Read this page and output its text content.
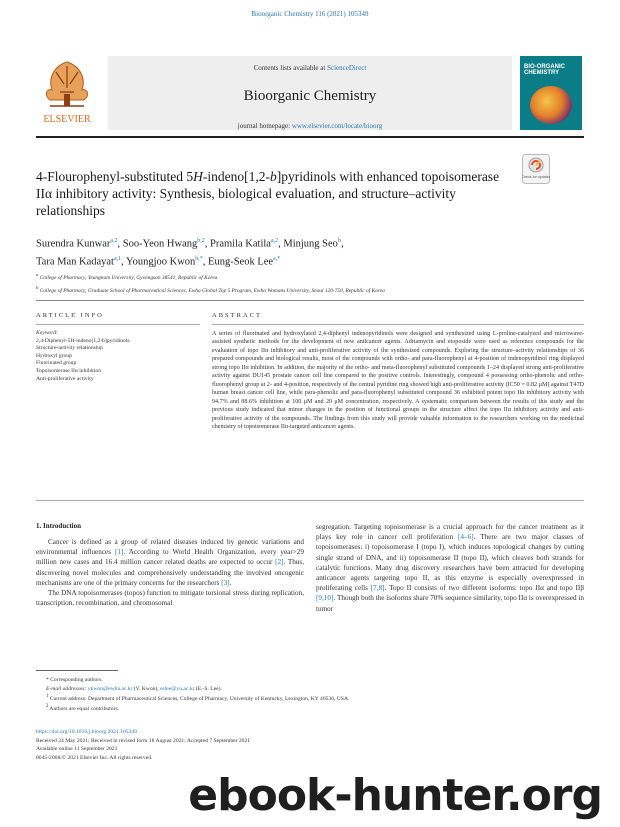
Bioorganic Chemistry 116 (2021) 105349
ELSEVIER
Contents lists available at ScienceDirect
Bioorganic Chemistry
journal homepage: www.elsevier.com/locate/bioorg
BIO-ORGANIC CHEMISTRY
Check for updates
4-Flourophenyl-substituted 5H-indeno[1,2-b]pyridinols with enhanced topoisomerase IIα inhibitory activity: Synthesis, biological evaluation, and structure–activity relationships
Surendra Kunwar$^{a,2}$, Soo-Yeon Hwang$^{b,2}$, Pramila Katila$^{a,2}$, Minjung Seo$^b$,
Tara Man Kadayat$^{a,1}$, Youngjoo Kwon$^{b,*}$, Eung-Seok Lee$^{a,*}$
$^a$ College of Pharmacy, Yeungnam University, Gyeongsan 38541, Republic of Korea
$^b$ College of Pharmacy, Graduate School of Pharmaceutical Sciences, Ewha Global Top 5 Program, Ewha Womans University, Seoul 120-750, Republic of Korea
ARTICLE INFO	ABSTRACT
Keyword:
2,4-Diphenyl-5H-indeno[1,2-b]pyridinols
Structure-activity relationship
Hydroxyl group
Fluorinated group
Topoisomerase IIα inhibition
Anti-proliferative activity
A series of fluorinated and hydroxylated 2,4-diphenyl indenopyridinols were designed and synthesized using L-proline-catalyzed and microwave-assisted synthetic methods for the development of new anticancer agents. Adriamycin and etoposide were used as reference compounds for the evaluation of topo IIα inhibitory and anti-proliferative activity of the synthesized compounds. Exploring the structure–activity relationships of 36 prepared compounds and biological results, most of the compounds with ortho- and para-fluorophenyl at 4-position of indenopyridinol ring displayed strong topo IIα inhibition. In addition, the majority of the ortho- and meta-fluorophenyl substituted compounds 1–24 displayed strong anti-proliferative activity against DU145 prostate cancer cell line compared to the positive controls. Interestingly, compound 4 possessing ortho-phenolic and ortho-fluorophenyl group at 2- and 4-position, respectively of the central pyridine ring showed high anti-proliferative activity (IC50 = 0.82 μM) against T47D human breast cancer cell line, while para-phenolic and para-fluorophenyl substituted compound 36 exhibited potent topo IIα inhibitory activity with 94.7% and 88.6% inhibition at 100 μM and 20 μM concentration, respectively. A systematic comparison between the results of this study and the previous study indicated that minor changes in the position of functional groups in the structure affect the topo IIα inhibitory activity and anti-proliferative activity of the compounds. The findings from this study will provide valuable information to the researchers working on the medicinal chemistry of topoisomerase IIα-targeted anticancer agents.
1. Introduction

Cancer is defined as a group of related diseases induced by genetic variations and environmental influences [1]. According to World Health Organization, every year>29 million new cases and 16.4 million cancer related deaths are expected to occur [2]. Thus, discovering novel molecules and comprehensively understanding the involved oncogenic mechanisms are one of the primary concerns for the researchers [3].

The DNA topoisomerases (topos) function to mitigate torsional stress during replication, transcription, recombination, and chromosomal

segregation. Targeting topoisomerase is a crucial approach for the cancer treatment as it plays key role in cancer cell proliferation [4–6]. There are two major classes of topoisomerases: i) topoisomerase I (topo I), which induces topological changes by cutting single strand of DNA, and ii) topoisomerase II (topo II), which cleaves both strands for catalytic functions. Many drug discovery researchers have been attracted for developing anticancer agents targeting topo II, as this enzyme is especially overexpressed in proliferating cells [7,8]. Topo II consists of two different isoforms: topo IIα and topo IIβ [9,10]. Though both the isoforms share 70% sequence similarity, topo IIα is overexpressed in tumor

* Corresponding authors.
E-mail addresses: ykwon@ewha.ac.kr (Y. Kwon), eslee@yu.ac.kr (E.-S. Lee).
$^1$ Current address: Department of Pharmaceutical Sciences, College of Pharmacy, University of Kentucky, Lexington, KY 40536, USA.
$^2$ Authors are equal contributors.
https://doi.org/10.1016/j.bioorg.2021.105349
Received 24 May 2021; Received in revised form 18 August 2021; Accepted 7 September 2021
Available online 11 September 2021
0045-2068/© 2021 Elsevier Inc. All rights reserved.
ebook-hunter.org
